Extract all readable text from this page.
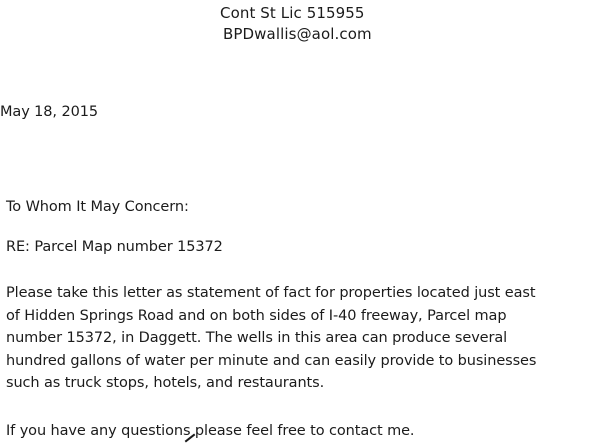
Cont St Lic 515955
BPDwallis@aol.com
May 18, 2015
To Whom It May Concern:
RE: Parcel Map number 15372
Please take this letter as statement of fact for properties located just east
of Hidden Springs Road and on both sides of I-40 freeway, Parcel map
number 15372, in Daggett. The wells in this area can produce several
hundred gallons of water per minute and can easily provide to businesses
such as truck stops, hotels, and restaurants.
If you have any questions please feel free to contact me.
